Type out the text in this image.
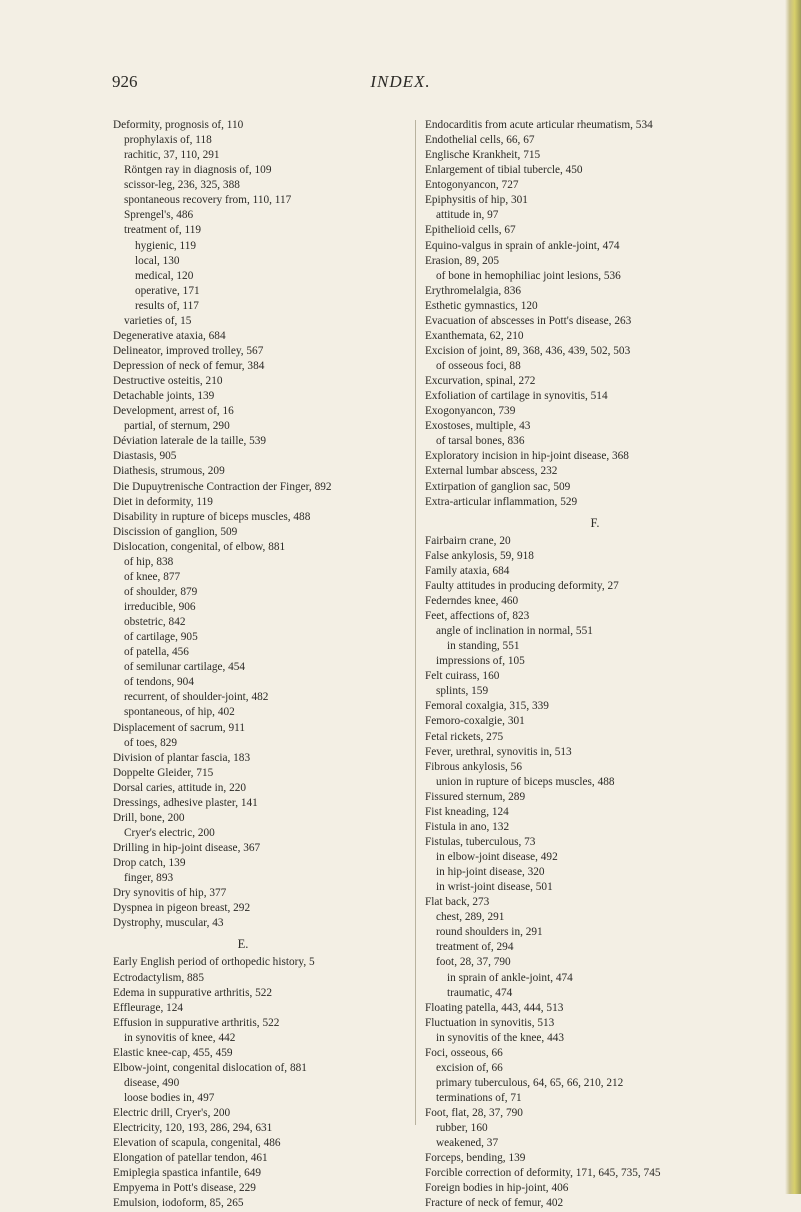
926	INDEX.
Deformity, prognosis of, 110
prophylaxis of, 118
rachitic, 37, 110, 291
Röntgen ray in diagnosis of, 109
scissor-leg, 236, 325, 388
spontaneous recovery from, 110, 117
Sprengel's, 486
treatment of, 119
hygienic, 119
local, 130
medical, 120
operative, 171
results of, 117
varieties of, 15
Degenerative ataxia, 684
Delineator, improved trolley, 567
Depression of neck of femur, 384
Destructive osteitis, 210
Detachable joints, 139
Development, arrest of, 16
partial, of sternum, 290
Déviation laterale de la taille, 539
Diastasis, 905
Diathesis, strumous, 209
Die Dupuytrenische Contraction der Finger, 892
Diet in deformity, 119
Disability in rupture of biceps muscles, 488
Discission of ganglion, 509
Dislocation, congenital, of elbow, 881
of hip, 838
of knee, 877
of shoulder, 879
irreducible, 906
obstetric, 842
of cartilage, 905
of patella, 456
of semilunar cartilage, 454
of tendons, 904
recurrent, of shoulder-joint, 482
spontaneous, of hip, 402
Displacement of sacrum, 911
of toes, 829
Division of plantar fascia, 183
Doppelte Gleider, 715
Dorsal caries, attitude in, 220
Dressings, adhesive plaster, 141
Drill, bone, 200
Cryer's electric, 200
Drilling in hip-joint disease, 367
Drop catch, 139
finger, 893
Dry synovitis of hip, 377
Dyspnea in pigeon breast, 292
Dystrophy, muscular, 43
E.
Early English period of orthopedic history, 5
Ectrodactylism, 885
Edema in suppurative arthritis, 522
Effleurage, 124
Effusion in suppurative arthritis, 522
in synovitis of knee, 442
Elastic knee-cap, 455, 459
Elbow-joint, congenital dislocation of, 881
disease, 490
loose bodies in, 497
Electric drill, Cryer's, 200
Electricity, 120, 193, 286, 294, 631
Elevation of scapula, congenital, 486
Elongation of patellar tendon, 461
Emiplegia spastica infantile, 649
Empyema in Pott's disease, 229
Emulsion, iodoform, 85, 265
Endocarditis from acute articular rheumatism, 534
Endothelial cells, 66, 67
Englische Krankheit, 715
Enlargement of tibial tubercle, 450
Entogonyancon, 727
Epiphysitis of hip, 301
attitude in, 97
Epithelioid cells, 67
Equino-valgus in sprain of ankle-joint, 474
Erasion, 89, 205
of bone in hemophiliac joint lesions, 536
Erythromelalgia, 836
Esthetic gymnastics, 120
Evacuation of abscesses in Pott's disease, 263
Exanthemata, 62, 210
Excision of joint, 89, 368, 436, 439, 502, 503
of osseous foci, 88
Excurvation, spinal, 272
Exfoliation of cartilage in synovitis, 514
Exogonyancon, 739
Exostoses, multiple, 43
of tarsal bones, 836
Exploratory incision in hip-joint disease, 368
External lumbar abscess, 232
Extirpation of ganglion sac, 509
Extra-articular inflammation, 529
F.
Fairbairn crane, 20
False ankylosis, 59, 918
Family ataxia, 684
Faulty attitudes in producing deformity, 27
Federndes knee, 460
Feet, affections of, 823
angle of inclination in normal, 551
in standing, 551
impressions of, 105
Felt cuirass, 160
splints, 159
Femoral coxalgia, 315, 339
Femoro-coxalgie, 301
Fetal rickets, 275
Fever, urethral, synovitis in, 513
Fibrous ankylosis, 56
union in rupture of biceps muscles, 488
Fissured sternum, 289
Fist kneading, 124
Fistula in ano, 132
Fistulas, tuberculous, 73
in elbow-joint disease, 492
in hip-joint disease, 320
in wrist-joint disease, 501
Flat back, 273
chest, 289, 291
round shoulders in, 291
treatment of, 294
foot, 28, 37, 790
in sprain of ankle-joint, 474
traumatic, 474
Floating patella, 443, 444, 513
Fluctuation in synovitis, 513
in synovitis of the knee, 443
Foci, osseous, 66
excision of, 66
primary tuberculous, 64, 65, 66, 210, 212
terminations of, 71
Foot, flat, 28, 37, 790
rubber, 160
weakened, 37
Forceps, bending, 139
Forcible correction of deformity, 171, 645, 735, 745
Foreign bodies in hip-joint, 406
Fracture of neck of femur, 402
